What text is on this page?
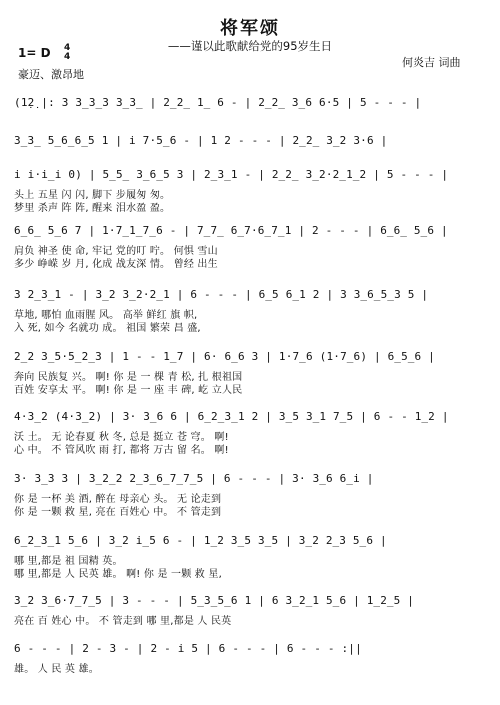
将军颂
——谨以此歌献给党的95岁生日
1= D 4
4
豪迈、激昂地
何炎吉 词曲
(1̣2̣ |: 3 3̲3̲3 3̲3̲ | 2̲2̲ 1̲ 6 - | 2̲2̲ 3̲6 6·5 | 5 - - - |
3̲3̲ 5̲6̲6̲5 1 | i 7·5̲6 - | 1 2 - - - | 2̲2̲ 3̲2 3·6 |
i i·i̲i 0) | 5̲5̲ 3̲6̲5 3 | 2̲3̲1 - | 2̲2̲ 3̲2·2̲1̲2 | 5 - - - |
头上 五星 闪 闪, 脚下 步履匆 匆。
梦里 杀声 阵 阵, 醒来 泪水盈 盈。
6̲6̲ 5̲6 7 | 1·7̲1̲7̲6 - | 7̲7̲ 6̲7·6̲7̲1 | 2 - - - | 6̲6̲ 5̲6 |
肩负 神圣 使 命, 牢记 党的叮 咛。 何惧 雪山
多少 峥嵘 岁 月, 化成 战友深 情。 曾经 出生
3 2̲3̲1 - | 3̲2 3̲2·2̲1 | 6 - - - | 6̲5 6̲1 2 | 3 3̲6̲5̲3 5 |
草地, 哪怕 血雨腥 风。 高举 鲜红 旗 帜,
入 死, 如今 名就功 成。 祖国 繁荣 昌 盛,
2̲2 3̲5·5̲2̲3 | 1 - - 1̲7 | 6· 6̲6 3 | 1·7̲6 (1·7̲6) | 6̲5̲6 |
奔向 民族复 兴。 啊! 你 是 一 棵 青 松, 扎 根祖国
百姓 安享太 平。 啊! 你 是 一 座 丰 碑, 屹 立人民
4·3̲2 (4·3̲2) | 3· 3̲6 6 | 6̲2̲3̲1 2 | 3̲5 3̲1 7̲5 | 6 - - 1̲2 |
沃 土。 无 论春夏 秋 冬, 总是 挺立 苍 穹。 啊!
心 中。 不 管风吹 雨 打, 都将 万古 留 名。 啊!
3· 3̲3 3 | 3̲2̲2 2̲3̲6̲7̲7̲5 | 6 - - - | 3· 3̲6 6̲i |
你 是 一杯 美 酒, 醉在 母亲心 头。 无 论走到
你 是 一颗 救 星, 亮在 百姓心 中。 不 管走到
6̲2̲3̲1 5̲6 | 3̲2 i̲5 6 - | 1̲2 3̲5 3̲5 | 3̲2 2̲3 5̲6 |
哪 里,都是 祖 国精 英。
哪 里,都是 人 民英 雄。 啊! 你 是 一颗 救 星,
3̲2 3̲6·7̲7̲5 | 3 - - - | 5̲3̲5̲6 1 | 6 3̲2̲1 5̲6 | 1̲2̲5 |
亮在 百 姓心 中。 不 管走到 哪 里,都是 人 民英
6 - - - | 2 - 3 - | 2 - i 5 | 6 - - - | 6 - - - :||
雄。 人 民 英 雄。
